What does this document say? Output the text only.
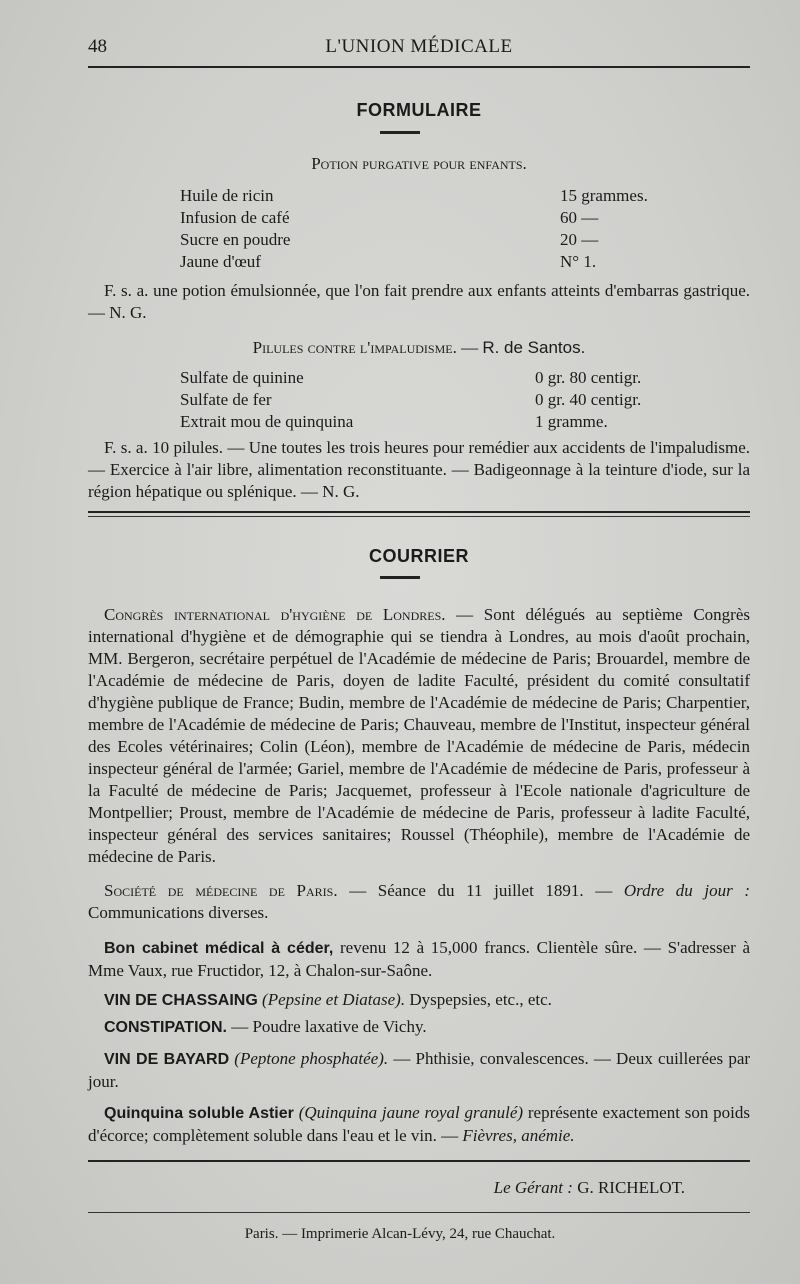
48	L'UNION MÉDICALE
FORMULAIRE
Potion purgative pour enfants.
Huile de ricin	15 grammes.
Infusion de café	60 —
Sucre en poudre	20 —
Jaune d'œuf	N° 1.
F. s. a. une potion émulsionnée, que l'on fait prendre aux enfants atteints d'embarras gastrique. — N. G.
Pilules contre l'impaludisme. — R. de Santos.
Sulfate de quinine	0 gr. 80 centigr.
Sulfate de fer	0 gr. 40 centigr.
Extrait mou de quinquina	1 gramme.
F. s. a. 10 pilules. — Une toutes les trois heures pour remédier aux accidents de l'impaludisme. — Exercice à l'air libre, alimentation reconstituante. — Badigeonnage à la teinture d'iode, sur la région hépatique ou splénique. — N. G.
COURRIER
Congrès international d'hygiène de Londres. — Sont délégués au septième Congrès international d'hygiène et de démographie qui se tiendra à Londres, au mois d'août prochain, MM. Bergeron, secrétaire perpétuel de l'Académie de médecine de Paris; Brouardel, membre de l'Académie de médecine de Paris, doyen de ladite Faculté, président du comité consultatif d'hygiène publique de France; Budin, membre de l'Académie de médecine de Paris; Charpentier, membre de l'Académie de médecine de Paris; Chauveau, membre de l'Institut, inspecteur général des Ecoles vétérinaires; Colin (Léon), membre de l'Académie de médecine de Paris, médecin inspecteur général de l'armée; Gariel, membre de l'Académie de médecine de Paris, professeur à la Faculté de médecine de Paris; Jacquemet, professeur à l'Ecole nationale d'agriculture de Montpellier; Proust, membre de l'Académie de médecine de Paris, professeur à ladite Faculté, inspecteur général des services sanitaires; Roussel (Théophile), membre de l'Académie de médecine de Paris.
Société de médecine de Paris. — Séance du 11 juillet 1891. — Ordre du jour : Communications diverses.
Bon cabinet médical à céder, revenu 12 à 15,000 francs. Clientèle sûre. — S'adresser à Mme Vaux, rue Fructidor, 12, à Chalon-sur-Saône.
VIN DE CHASSAING (Pepsine et Diatase). Dyspepsies, etc., etc.
CONSTIPATION. — Poudre laxative de Vichy.
VIN DE BAYARD (Peptone phosphatée). — Phthisie, convalescences. — Deux cuillerées par jour.
Quinquina soluble Astier (Quinquina jaune royal granulé) représente exactement son poids d'écorce; complètement soluble dans l'eau et le vin. — Fièvres, anémie.
Le Gérant : G. RICHELOT.
Paris. — Imprimerie Alcan-Lévy, 24, rue Chauchat.
